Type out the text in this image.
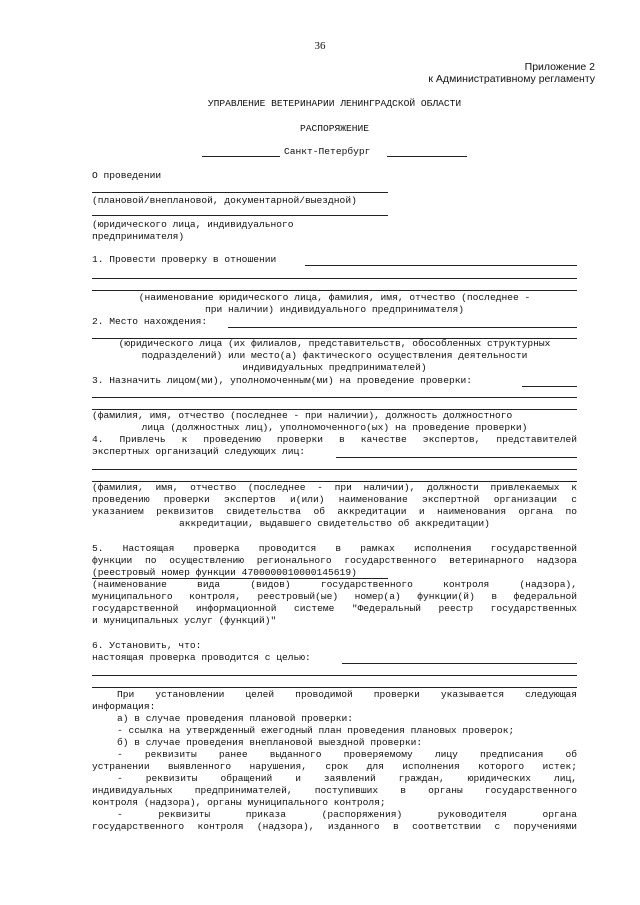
36
Приложение 2
к Административному регламенту
УПРАВЛЕНИЕ ВЕТЕРИНАРИИ ЛЕНИНГРАДСКОЙ ОБЛАСТИ
РАСПОРЯЖЕНИЕ
Санкт-Петербург
О проведении
(плановой/внеплановой, документарной/выездной)
(юридического лица, индивидуального
предпринимателя)
1. Провести проверку в отношении
(наименование юридического лица, фамилия, имя, отчество (последнее -
при наличии) индивидуального предпринимателя)
2. Место нахождения:
(юридического лица (их филиалов, представительств, обособленных структурных
подразделений) или место(а) фактического осуществления деятельности
индивидуальных предпринимателей)
3. Назначить лицом(ми), уполномоченным(ми) на проведение проверки:
(фамилия, имя, отчество (последнее - при наличии), должность должностного
лица (должностных лиц), уполномоченного(ых) на проведение проверки)
4. Привлечь к проведению проверки в качестве экспертов, представителей
экспертных организаций следующих лиц:
(фамилия, имя, отчество (последнее - при наличии), должности привлекаемых к
проведению проверки экспертов и(или) наименование экспертной организации с
указанием реквизитов свидетельства об аккредитации и наименования органа по
аккредитации, выдавшего свидетельство об аккредитации)
5. Настоящая проверка проводится в рамках исполнения государственной
функции по осуществлению регионального государственного ветеринарного надзора
(реестровый номер функции 4700000010000145619)
(наименование вида (видов) государственного контроля (надзора),
муниципального контроля, реестровый(ые) номер(а) функции(й) в федеральной
государственной информационной системе "Федеральный реестр государственных
и муниципальных услуг (функций)"
6. Установить, что:
настоящая проверка проводится с целью:
При установлении целей проводимой проверки указывается следующая
информация:
а) в случае проведения плановой проверки:
- ссылка на утвержденный ежегодный план проведения плановых проверок;
б) в случае проведения внеплановой выездной проверки:
- реквизиты ранее выданного проверяемому лицу предписания об
устранении выявленного нарушения, срок для исполнения которого истек;
- реквизиты обращений и заявлений граждан, юридических лиц,
индивидуальных предпринимателей, поступивших в органы государственного
контроля (надзора), органы муниципального контроля;
- реквизиты приказа (распоряжения) руководителя органа
государственного контроля (надзора), изданного в соответствии с поручениями
